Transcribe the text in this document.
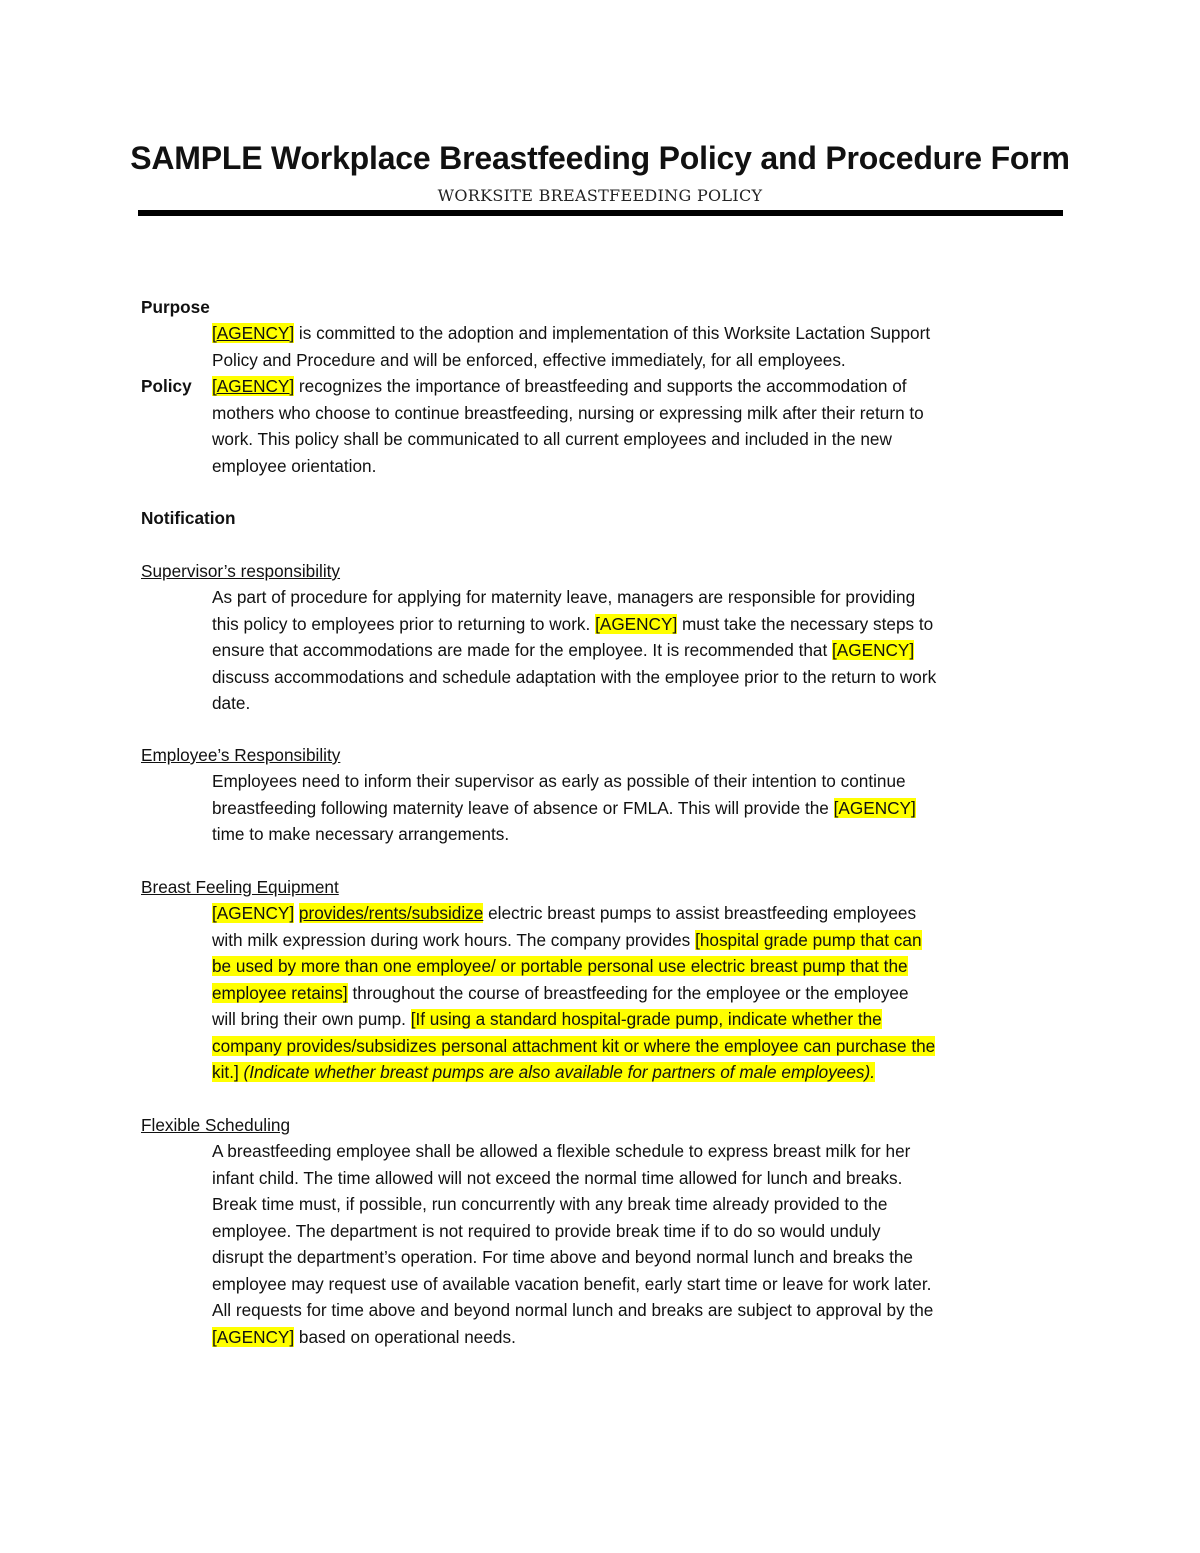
SAMPLE Workplace Breastfeeding Policy and Procedure Form
WORKSITE BREASTFEEDING POLICY
Purpose
[AGENCY] is committed to the adoption and implementation of this Worksite Lactation Support
Policy and Procedure and will be enforced, effective immediately, for all employees.
Policy [AGENCY] recognizes the importance of breastfeeding and supports the accommodation of
mothers who choose to continue breastfeeding, nursing or expressing milk after their return to
work. This policy shall be communicated to all current employees and included in the new
employee orientation.
Notification
Supervisor’s responsibility
As part of procedure for applying for maternity leave, managers are responsible for providing
this policy to employees prior to returning to work. [AGENCY] must take the necessary steps to
ensure that accommodations are made for the employee. It is recommended that [AGENCY]
discuss accommodations and schedule adaptation with the employee prior to the return to work
date.
Employee’s Responsibility
Employees need to inform their supervisor as early as possible of their intention to continue
breastfeeding following maternity leave of absence or FMLA. This will provide the [AGENCY]
time to make necessary arrangements.
Breast Feeling Equipment
[AGENCY] provides/rents/subsidize electric breast pumps to assist breastfeeding employees
with milk expression during work hours. The company provides [hospital grade pump that can
be used by more than one employee/ or portable personal use electric breast pump that the
employee retains] throughout the course of breastfeeding for the employee or the employee
will bring their own pump. [If using a standard hospital-grade pump, indicate whether the
company provides/subsidizes personal attachment kit or where the employee can purchase the
kit.] (Indicate whether breast pumps are also available for partners of male employees).
Flexible Scheduling
A breastfeeding employee shall be allowed a flexible schedule to express breast milk for her
infant child. The time allowed will not exceed the normal time allowed for lunch and breaks.
Break time must, if possible, run concurrently with any break time already provided to the
employee. The department is not required to provide break time if to do so would unduly
disrupt the department’s operation. For time above and beyond normal lunch and breaks the
employee may request use of available vacation benefit, early start time or leave for work later.
All requests for time above and beyond normal lunch and breaks are subject to approval by the
[AGENCY] based on operational needs.
